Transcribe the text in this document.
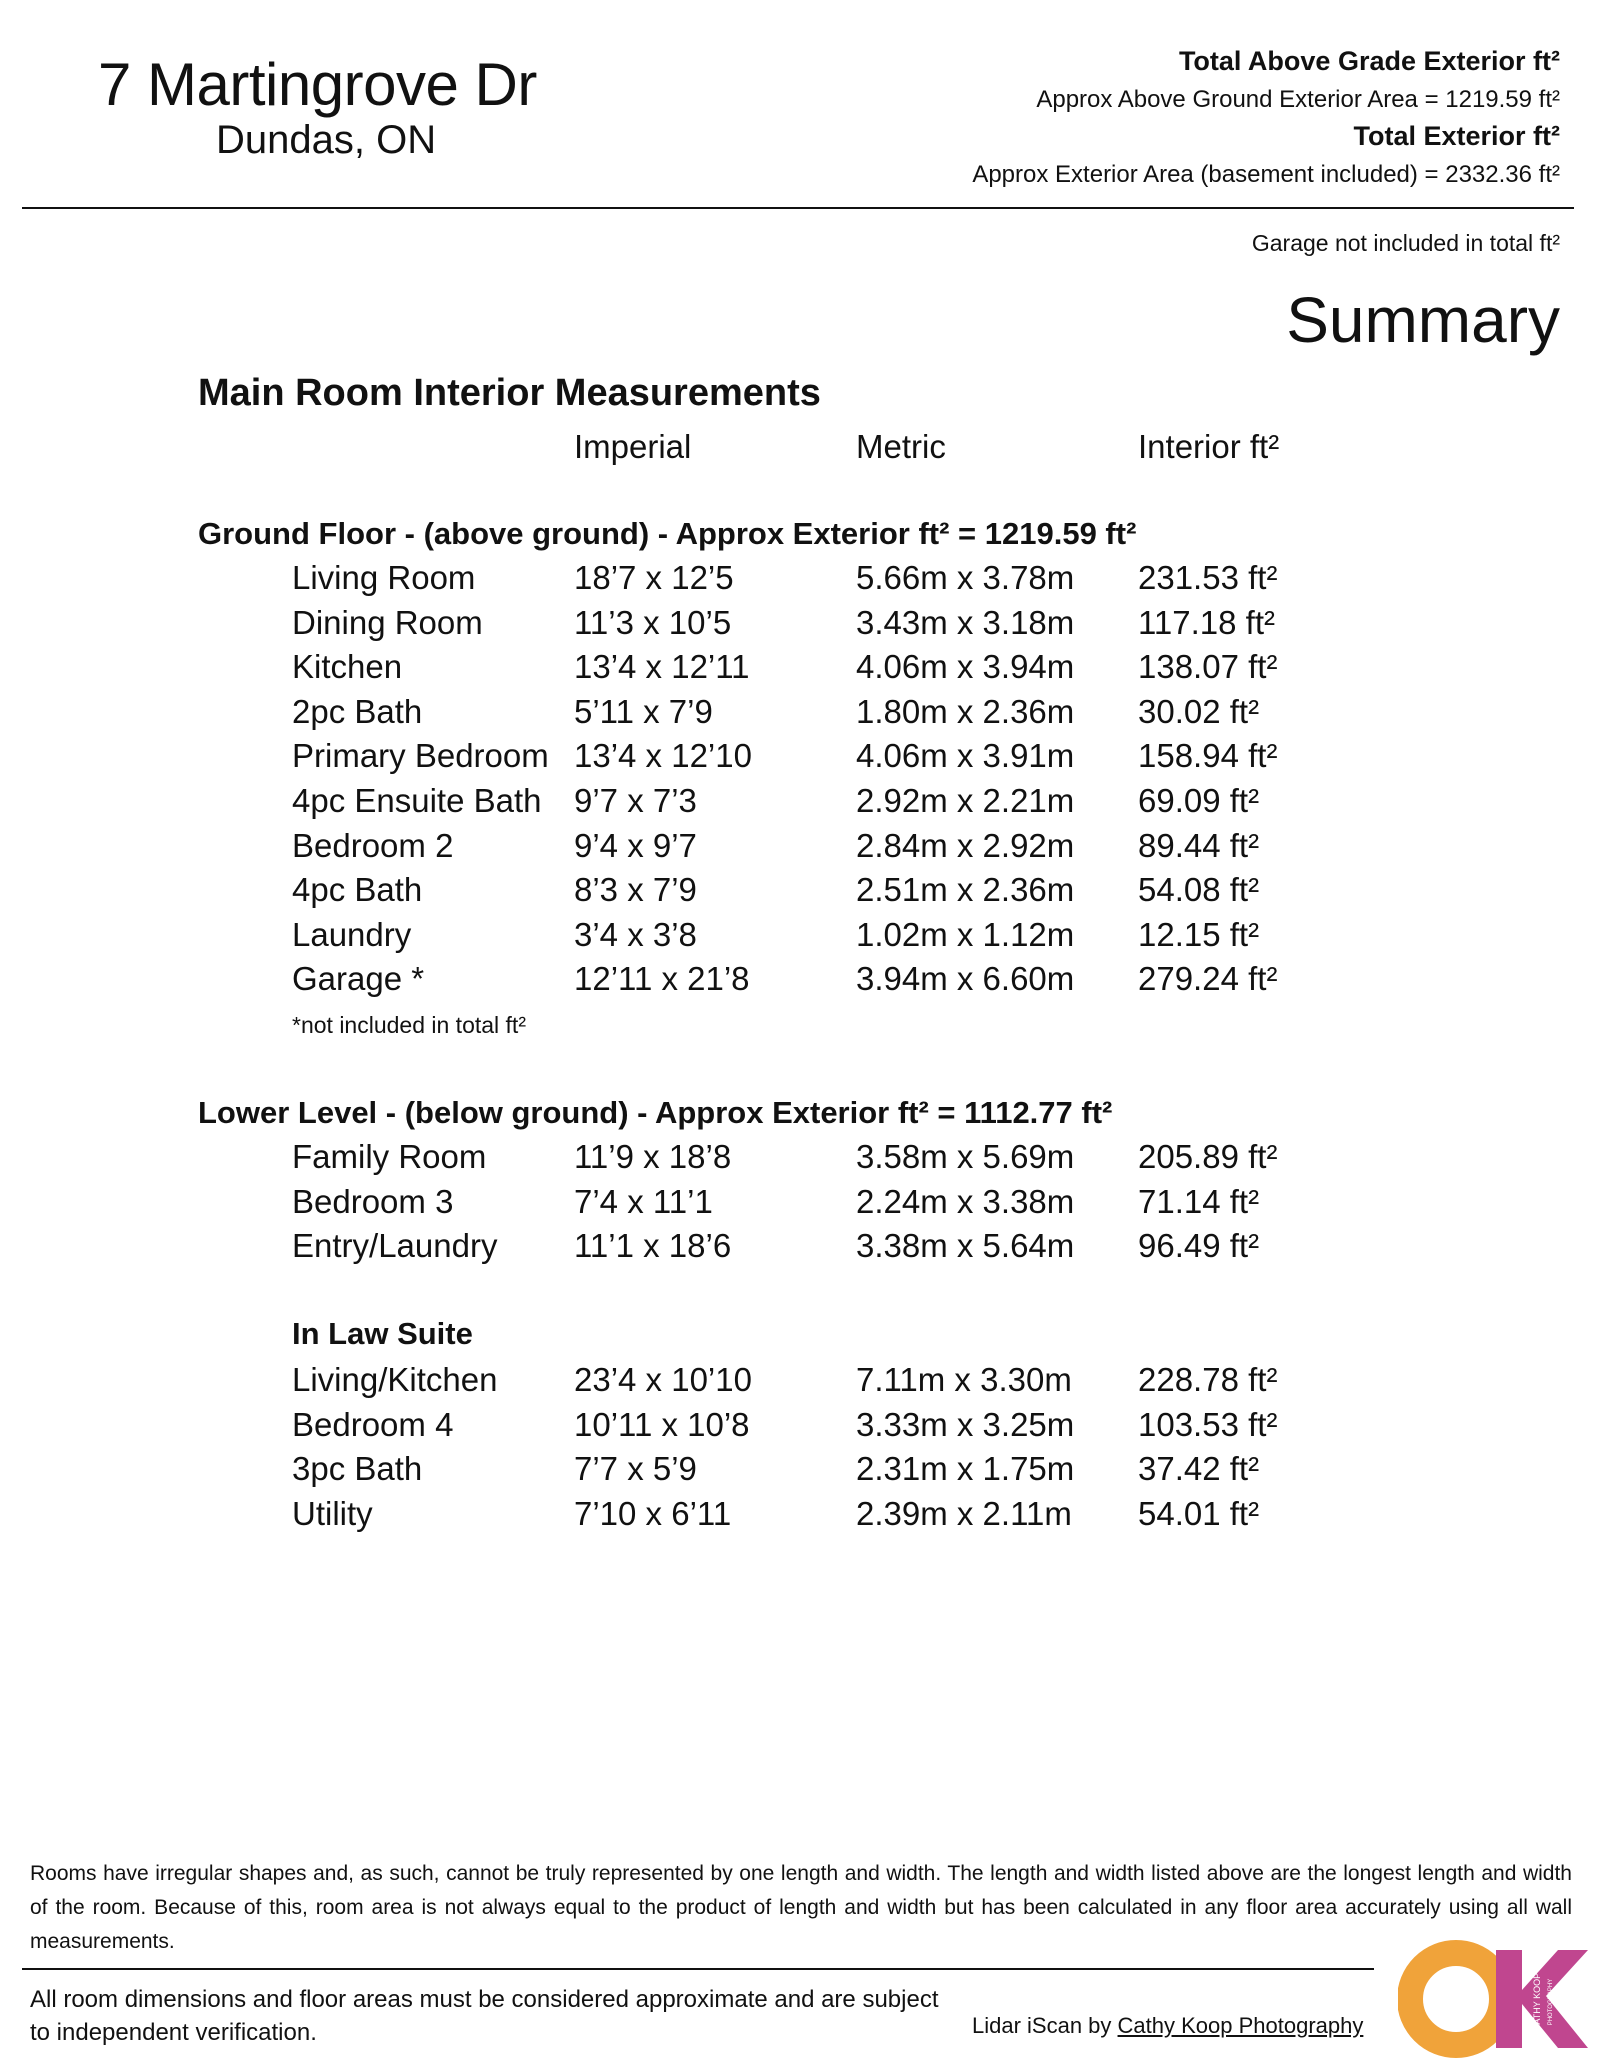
7 Martingrove Dr
Dundas, ON
Total Above Grade Exterior ft²
Approx Above Ground Exterior Area = 1219.59 ft²
Total Exterior ft²
Approx Exterior Area (basement included) = 2332.36 ft²
Garage not included in total ft²
Summary
Main Room Interior Measurements
Imperial	Metric	Interior ft²
Ground Floor - (above ground) - Approx Exterior ft² = 1219.59 ft²
Living Room	18’7 x 12’5	5.66m x 3.78m 231.53 ft²
Dining Room	11’3 x 10’5	3.43m x 3.18m 117.18 ft²
Kitchen	13’4 x 12’11	4.06m x 3.94m 138.07 ft²
2pc Bath	5’11 x 7’9	1.80m x 2.36m 30.02 ft²
Primary Bedroom 13’4 x 12’10	4.06m x 3.91m 158.94 ft²
4pc Ensuite Bath 9’7 x 7’3	2.92m x 2.21m 69.09 ft²
Bedroom 2	9’4 x 9’7	2.84m x 2.92m 89.44 ft²
4pc Bath	8’3 x 7’9	2.51m x 2.36m 54.08 ft²
Laundry	3’4 x 3’8	1.02m x 1.12m 12.15 ft²
Garage *	12’11 x 21’8	3.94m x 6.60m 279.24 ft²
*not included in total ft²
Lower Level - (below ground) - Approx Exterior ft² = 1112.77 ft²
Family Room	11’9 x 18’8	3.58m x 5.69m 205.89 ft²
Bedroom 3	7’4 x 11’1	2.24m x 3.38m 71.14 ft²
Entry/Laundry 11’1 x 18’6	3.38m x 5.64m 96.49 ft²
In Law Suite
Living/Kitchen 23’4 x 10’10	7.11m x 3.30m 228.78 ft²
Bedroom 4	10’11 x 10’8	3.33m x 3.25m 103.53 ft²
3pc Bath	7’7 x 5’9	2.31m x 1.75m 37.42 ft²
Utility	7’10 x 6’11	2.39m x 2.11m 54.01 ft²
Rooms have irregular shapes and, as such, cannot be truly represented by one length and width. The length and width listed above are the longest length and width of the room. Because of this, room area is not always equal to the product of length and width but has been calculated in any floor area accurately using all wall measurements.
All room dimensions and floor areas must be considered approximate and are subject to independent verification.	Lidar iScan by Cathy Koop Photography	CATHY KOOP PHOTOGRAPHY
